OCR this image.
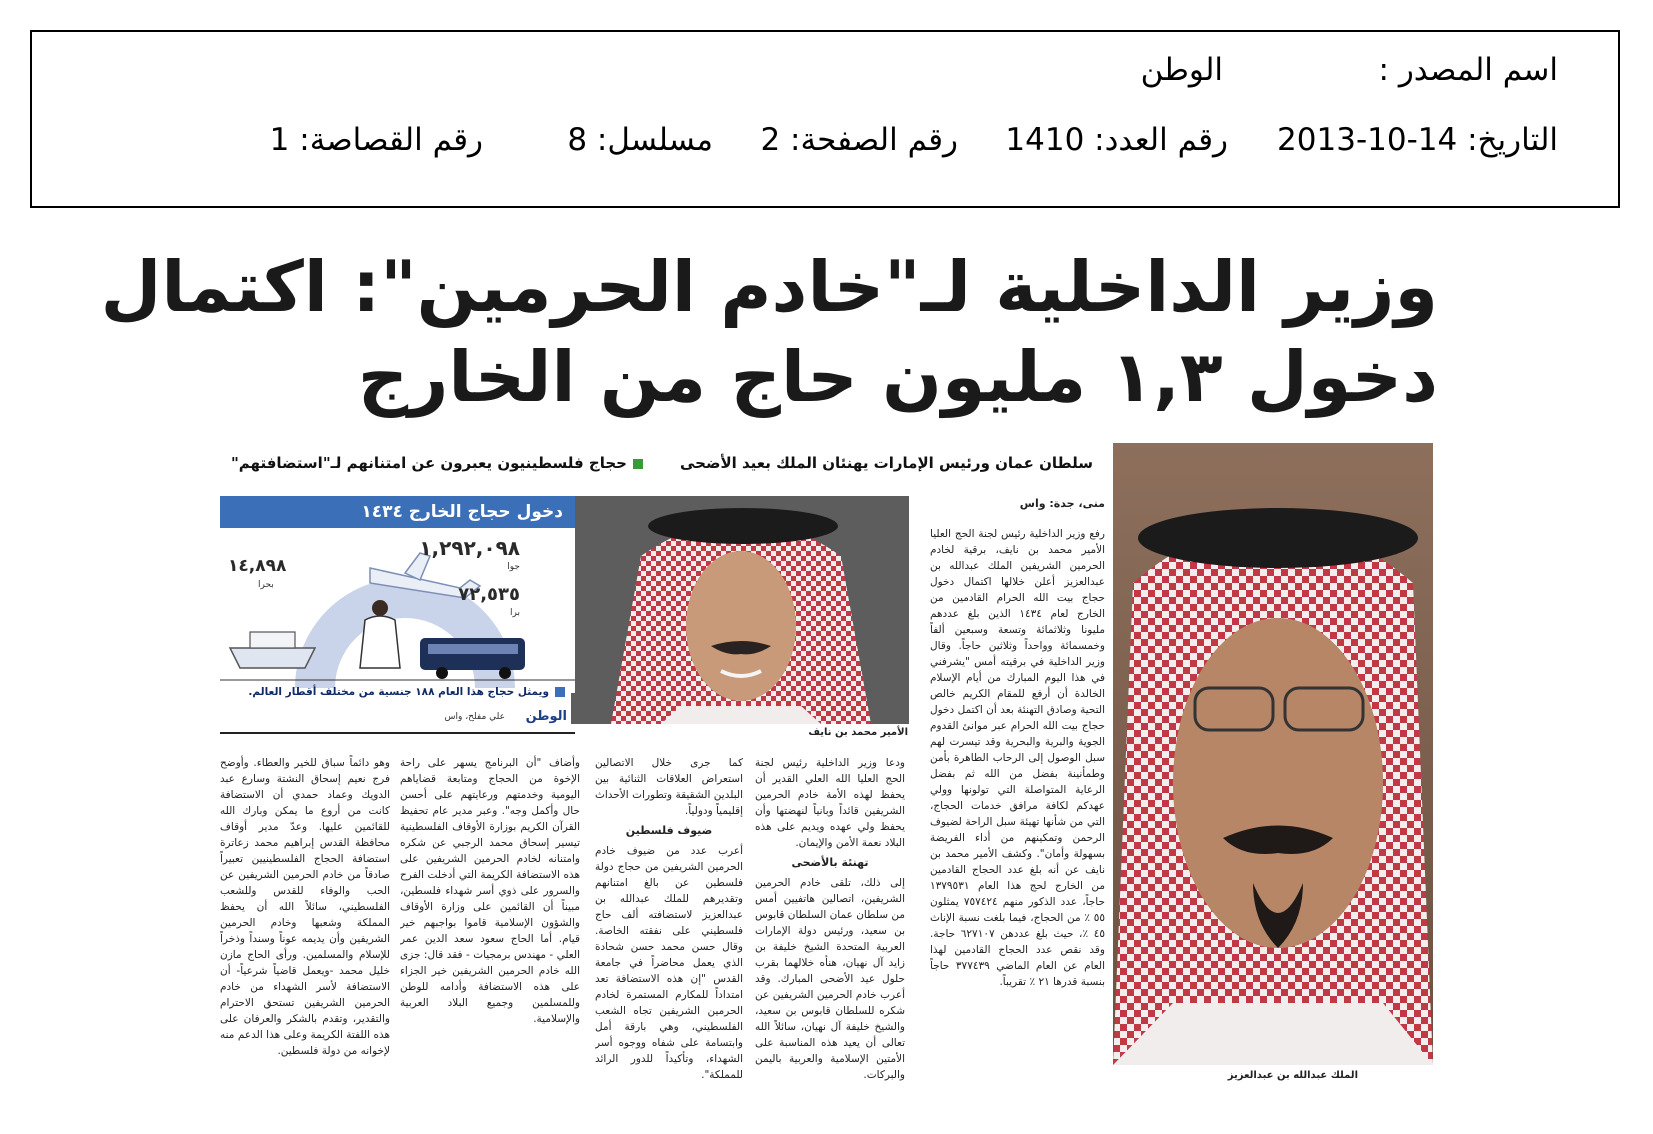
اسم المصدر :
الوطن
التاريخ: 14-10-2013
رقم العدد: 1410
رقم الصفحة: 2
مسلسل: 8
رقم القصاصة: 1
وزير الداخلية لـ"خادم الحرمين": اكتمال
دخول ١,٣ مليون حاج من الخارج
سلطان عمان ورئيس الإمارات يهنئان الملك بعيد الأضحى
حجاج فلسطينيون يعبرون عن امتنانهم لـ"استضافتهم"
الملك عبدالله بن عبدالعزيز

منى، جدة: واس

رفع وزير الداخلية رئيس لجنة الحج العليا الأمير محمد بن نايف، برقية لخادم الحرمين الشريفين الملك عبدالله بن عبدالعزيز أعلن خلالها اكتمال دخول حجاج بيت الله الحرام القادمين من الخارج لعام ١٤٣٤ الذين بلغ عددهم مليونا وثلاثمائة وتسعة وسبعين ألفاً وخمسمائة وواحداً وثلاثين حاجاً. وقال وزير الداخلية في برقيته أمس "يشرفني في هذا اليوم المبارك من أيام الإسلام الخالدة أن أرفع للمقام الكريم خالص التحية وصادق التهنئة بعد أن اكتمل دخول حجاج بيت الله الحرام عبر موانئ القدوم الجوية والبرية والبحرية وقد تيسرت لهم سبل الوصول إلى الرحاب الطاهرة بأمن وطمأنينة بفضل من الله ثم بفضل الرعاية المتواصلة التي تولونها وولي عهدكم لكافة مرافق خدمات الحجاج، التي من شأنها تهيئة سبل الراحة لضيوف الرحمن وتمكينهم من أداء الفريضة بسهولة وأمان". وكشف الأمير محمد بن نايف عن أنه بلغ عدد الحجاج القادمين من الخارج لحج هذا العام ١٣٧٩٥٣١ حاجاً، عدد الذكور منهم ٧٥٧٤٢٤ يمثلون ٥٥ ٪ من الحجاج، فيما بلغت نسبة الإناث ٤٥ ٪، حيث بلغ عددهن ٦٢٧١٠٧ حاجة. وقد نقص عدد الحجاج القادمين لهذا العام عن العام الماضي ٣٧٧٤٣٩ حاجاً بنسبة قدرها ٢١ ٪ تقريباً.

الأمير محمد بن نايف
دخول حجاج الخارج ١٤٣٤
١,٢٩٢,٠٩٨
جوا
٧٢,٥٣٥
برا
١٤,٨٩٨
بحرا
ويمثل حجاج هذا العام ١٨٨ جنسية من مختلف أقطار العالم.
الوطن
علي مفلح، واس

ودعا وزير الداخلية رئيس لجنة الحج العليا الله العلي القدير أن يحفظ لهذه الأمة خادم الحرمين الشريفين قائداً وبانياً لنهضتها وأن يحفظ ولي عهده ويديم على هذه البلاد نعمة الأمن والإيمان.

تهنئة بالأضحى

إلى ذلك، تلقى خادم الحرمين الشريفين، اتصالين هاتفيين أمس من سلطان عمان السلطان قابوس بن سعيد، ورئيس دولة الإمارات العربية المتحدة الشيخ خليفة بن زايد آل نهيان، هنأه خلالهما بقرب حلول عيد الأضحى المبارك. وقد أعرب خادم الحرمين الشريفين عن شكره للسلطان قابوس بن سعيد، والشيخ خليفة آل نهيان، سائلاً الله تعالى أن يعيد هذه المناسبة على الأمتين الإسلامية والعربية باليمن والبركات.

كما جرى خلال الاتصالين استعراض العلاقات الثنائية بين البلدين الشقيقة وتطورات الأحداث إقليمياً ودولياً.

ضيوف فلسطين

أعرب عدد من ضيوف خادم الحرمين الشريفين من حجاج دولة فلسطين عن بالغ امتنانهم وتقديرهم للملك عبدالله بن عبدالعزيز لاستضافته ألف حاج فلسطيني على نفقته الخاصة. وقال حسن محمد حسن شحادة الذي يعمل محاضراً في جامعة القدس "إن هذه الاستضافة تعد امتداداً للمكارم المستمرة لخادم الحرمين الشريفين تجاه الشعب الفلسطيني، وهي بارقة أمل وابتسامة على شفاه ووجوه أسر الشهداء، وتأكيداً للدور الرائد للمملكة".

وأضاف "أن البرنامج يسهر على راحة الإخوة من الحجاج ومتابعة قضاياهم اليومية وخدمتهم ورعايتهم على أحسن حال وأكمل وجه". وعبر مدير عام تحفيظ القرآن الكريم بوزارة الأوقاف الفلسطينية تيسير إسحاق محمد الرجبي عن شكره وامتنانه لخادم الحرمين الشريفين على هذه الاستضافة الكريمة التي أدخلت الفرح والسرور على ذوي أسر شهداء فلسطين، مبيناً أن القائمين على وزارة الأوقاف والشؤون الإسلامية قاموا بواجبهم خير قيام. أما الحاج سعود سعد الدين عمر العلي - مهندس برمجيات - فقد قال: جزى الله خادم الحرمين الشريفين خير الجزاء على هذه الاستضافة وأدامه للوطن وللمسلمين وجميع البلاد العربية والإسلامية.

وهو دائماً سباق للخير والعطاء. وأوضح فرج نعيم إسحاق النشتة وسارع عبد الدويك وعماد حمدي أن الاستضافة كانت من أروع ما يمكن وبارك الله للقائمين عليها. وعدّ مدير أوقاف محافظة القدس إبراهيم محمد زعاترة استضافة الحجاج الفلسطينيين تعبيراً صادقاً من خادم الحرمين الشريفين عن الحب والوفاء للقدس وللشعب الفلسطيني، سائلاً الله أن يحفظ المملكة وشعبها وخادم الحرمين الشريفين وأن يديمه عوناً وسنداً وذخراً للإسلام والمسلمين. ورأى الحاج مازن خليل محمد -ويعمل قاضياً شرعياً- أن الاستضافة لأسر الشهداء من خادم الحرمين الشريفين تستحق الاحترام والتقدير، وتقدم بالشكر والعرفان على هذه اللفتة الكريمة وعلى هذا الدعم منه لإخوانه من دولة فلسطين.
